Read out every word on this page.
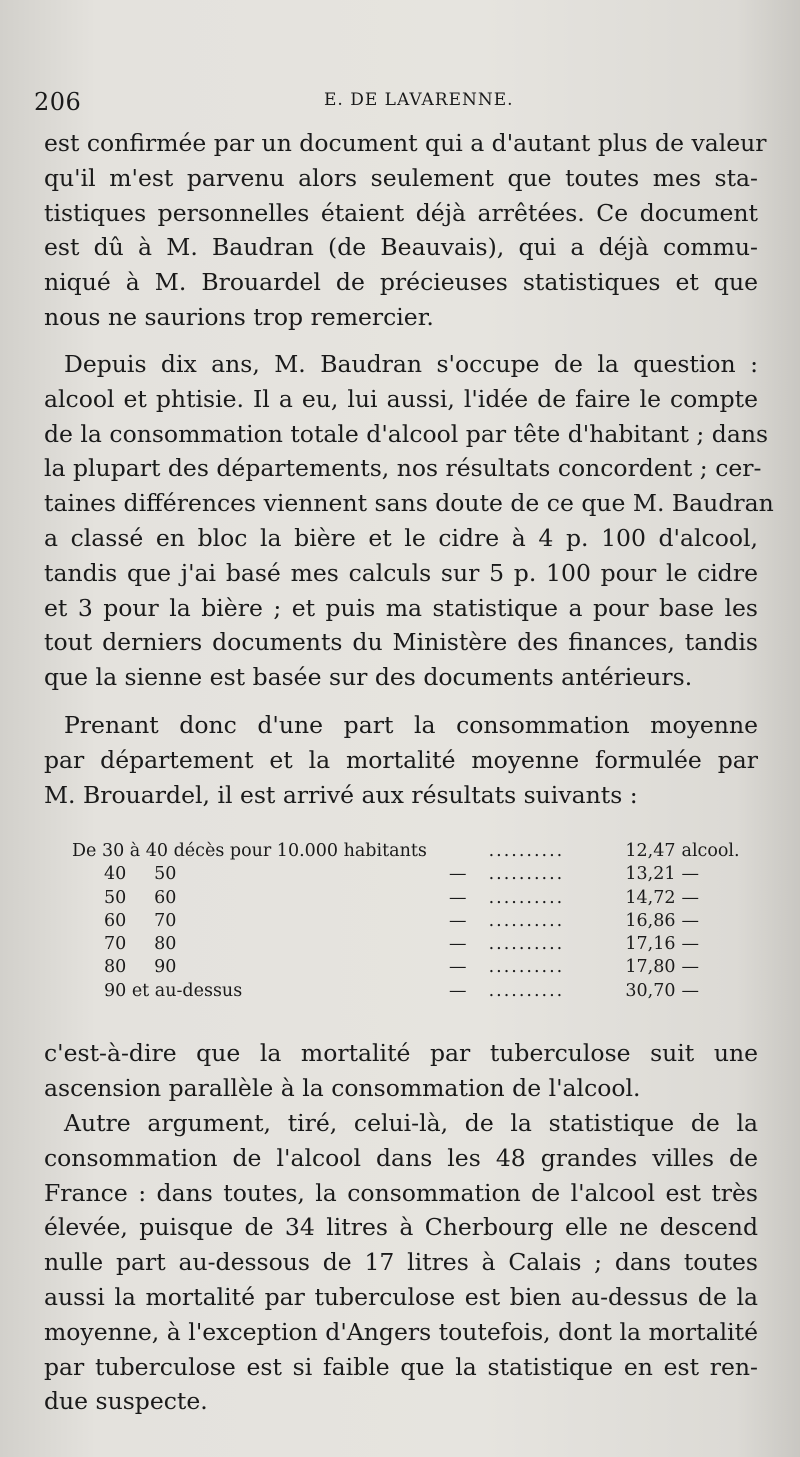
206	E. DE LAVARENNE.

est confirmée par un document qui a d'autant plus de valeur
qu'il m'est parvenu alors seulement que toutes mes sta-
tistiques personnelles étaient déjà arrêtées. Ce document
est dû à M. Baudran (de Beauvais), qui a déjà commu-
niqué à M. Brouardel de précieuses statistiques et que
nous ne saurions trop remercier.

Depuis dix ans, M. Baudran s'occupe de la question :
alcool et phtisie. Il a eu, lui aussi, l'idée de faire le compte
de la consommation totale d'alcool par tête d'habitant ; dans
la plupart des départements, nos résultats concordent ; cer-
taines différences viennent sans doute de ce que M. Baudran
a classé en bloc la bière et le cidre à 4 p. 100 d'alcool,
tandis que j'ai basé mes calculs sur 5 p. 100 pour le cidre
et 3 pour la bière ; et puis ma statistique a pour base les
tout derniers documents du Ministère des finances, tandis
que la sienne est basée sur des documents antérieurs.

Prenant donc d'une part la consommation moyenne
par département et la mortalité moyenne formulée par
M. Brouardel, il est arrivé aux résultats suivants :

De 30 à 40 décès pour 10.000 habitants		..........	12,47	alcool.
40     50	—	..........	13,21	—
50     60	—	..........	14,72	—
60     70	—	..........	16,86	—
70     80	—	..........	17,16	—
80     90	—	..........	17,80	—
90 et au-dessus	—	..........	30,70	—

c'est-à-dire que la mortalité par tuberculose suit une
ascension parallèle à la consommation de l'alcool.

Autre argument, tiré, celui-là, de la statistique de la
consommation de l'alcool dans les 48 grandes villes de
France : dans toutes, la consommation de l'alcool est très
élevée, puisque de 34 litres à Cherbourg elle ne descend
nulle part au-dessous de 17 litres à Calais ; dans toutes
aussi la mortalité par tuberculose est bien au-dessus de la
moyenne, à l'exception d'Angers toutefois, dont la mortalité
par tuberculose est si faible que la statistique en est ren-
due suspecte.
